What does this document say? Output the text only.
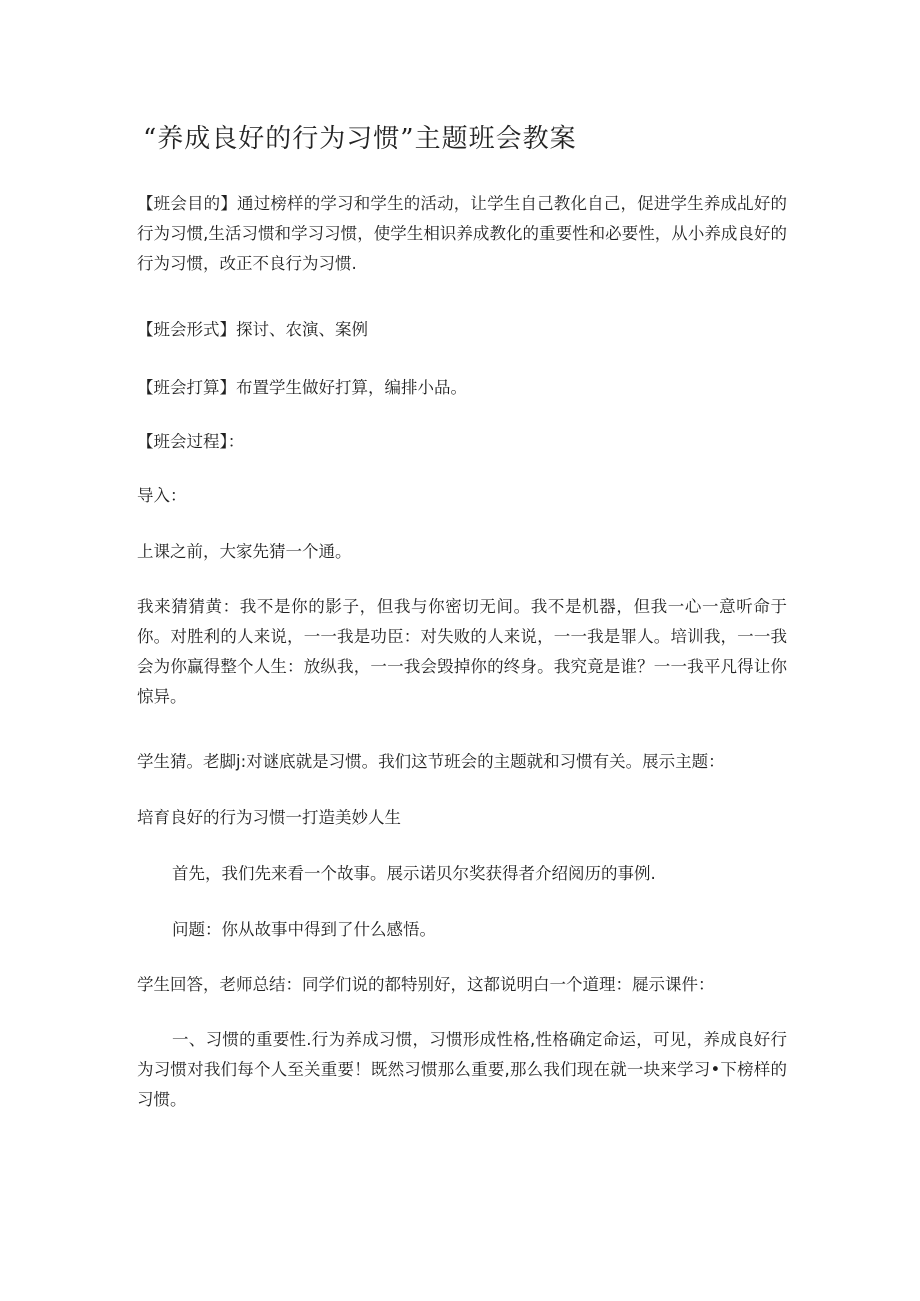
“养成良好的行为习惯”主题班会教案

【班会目的】通过榜样的学习和学生的活动，让学生自己教化自己，促进学生养成乩好的行为习惯,生活习惯和学习习惯，使学生相识养成教化的重要性和必要性，从小养成良好的行为习惯，改正不良行为习惯.

【班会形式】探讨、农演、案例

【班会打算】布置学生做好打算，编排小品。

【班会过程】：

导入：

上课之前，大家先猜一个通。

我来猜猜黄：我不是你的影子，但我与你密切无间。我不是机器，但我一心一意听命于你。对胜利的人来说，一一我是功臣：对失败的人来说，一一我是罪人。培训我，一一我会为你赢得整个人生：放纵我，一一我会毁掉你的终身。我究竟是谁？一一我平凡得让你惊异。

学生猜。老脚j:对谜底就是习惯。我们这节班会的主题就和习惯有关。展示主题：

培育良好的行为习惯一打造美妙人生

首先，我们先来看一个故事。展示诺贝尔奖获得者介绍阅历的事例.

问题：你从故事中得到了什么感悟。

学生回答，老师总结：同学们说的都特别好，这都说明白一个道理：屣示课件：

一、习惯的重要性.行为养成习惯，习惯形成性格,性格确定命运，可见，养成良好行为习惯对我们每个人至关重要！既然习惯那么重要,那么我们现在就一块来学习•下榜样的习惯。
